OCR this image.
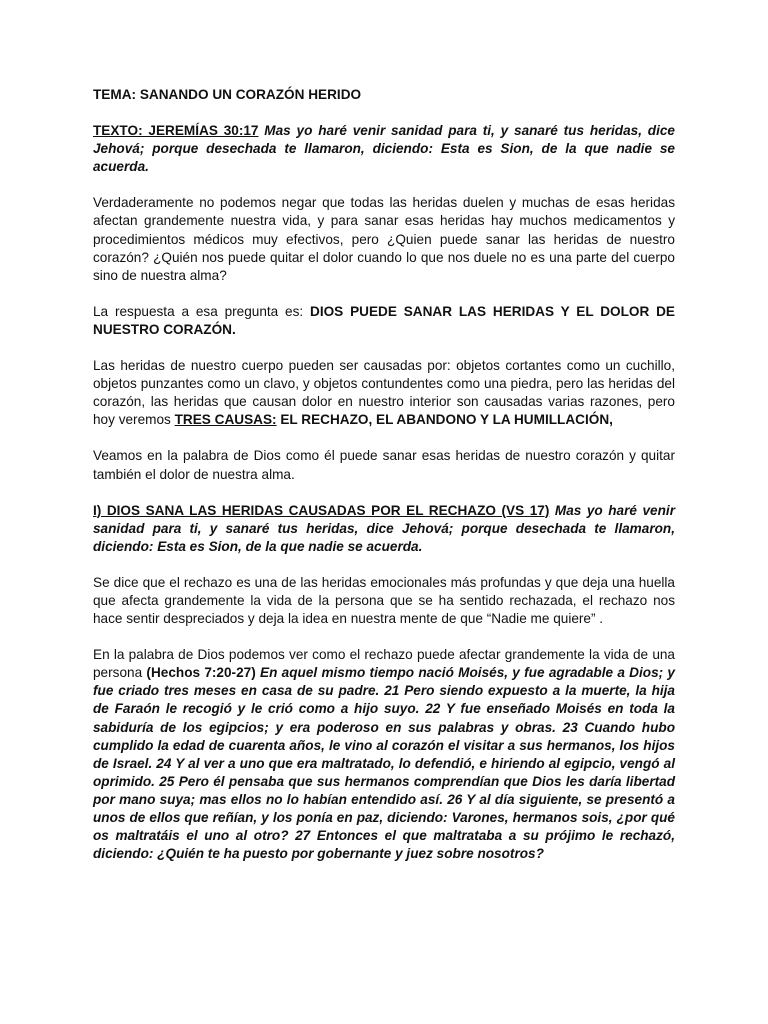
TEMA: SANANDO UN CORAZÓN HERIDO

TEXTO: JEREMÍAS 30:17 Mas yo haré venir sanidad para ti, y sanaré tus heridas, dice Jehová; porque desechada te llamaron, diciendo: Esta es Sion, de la que nadie se acuerda.

Verdaderamente no podemos negar que todas las heridas duelen y muchas de esas heridas afectan grandemente nuestra vida, y para sanar esas heridas hay muchos medicamentos y procedimientos médicos muy efectivos, pero ¿Quien puede sanar las heridas de nuestro corazón? ¿Quién nos puede quitar el dolor cuando lo que nos duele no es una parte del cuerpo sino de nuestra alma?

La respuesta a esa pregunta es: DIOS PUEDE SANAR LAS HERIDAS Y EL DOLOR DE NUESTRO CORAZÓN.

Las heridas de nuestro cuerpo pueden ser causadas por: objetos cortantes como un cuchillo, objetos punzantes como un clavo, y objetos contundentes como una piedra, pero las heridas del corazón, las heridas que causan dolor en nuestro interior son causadas varias razones, pero hoy veremos TRES CAUSAS: EL RECHAZO, EL ABANDONO Y LA HUMILLACIÓN,

Veamos en la palabra de Dios como él puede sanar esas heridas de nuestro corazón y quitar también el dolor de nuestra alma.

I) DIOS SANA LAS HERIDAS CAUSADAS POR EL RECHAZO (VS 17) Mas yo haré venir sanidad para ti, y sanaré tus heridas, dice Jehová; porque desechada te llamaron, diciendo: Esta es Sion, de la que nadie se acuerda.

Se dice que el rechazo es una de las heridas emocionales más profundas y que deja una huella que afecta grandemente la vida de la persona que se ha sentido rechazada, el rechazo nos hace sentir despreciados y deja la idea en nuestra mente de que “Nadie me quiere” .

En la palabra de Dios podemos ver como el rechazo puede afectar grandemente la vida de una persona (Hechos 7:20-27) En aquel mismo tiempo nació Moisés, y fue agradable a Dios; y fue criado tres meses en casa de su padre. 21 Pero siendo expuesto a la muerte, la hija de Faraón le recogió y le crió como a hijo suyo. 22 Y fue enseñado Moisés en toda la sabiduría de los egipcios; y era poderoso en sus palabras y obras. 23 Cuando hubo cumplido la edad de cuarenta años, le vino al corazón el visitar a sus hermanos, los hijos de Israel. 24 Y al ver a uno que era maltratado, lo defendió, e hiriendo al egipcio, vengó al oprimido. 25 Pero él pensaba que sus hermanos comprendían que Dios les daría libertad por mano suya; mas ellos no lo habían entendido así. 26 Y al día siguiente, se presentó a unos de ellos que reñían, y los ponía en paz, diciendo: Varones, hermanos sois, ¿por qué os maltratáis el uno al otro? 27 Entonces el que maltrataba a su prójimo le rechazó, diciendo: ¿Quién te ha puesto por gobernante y juez sobre nosotros?
